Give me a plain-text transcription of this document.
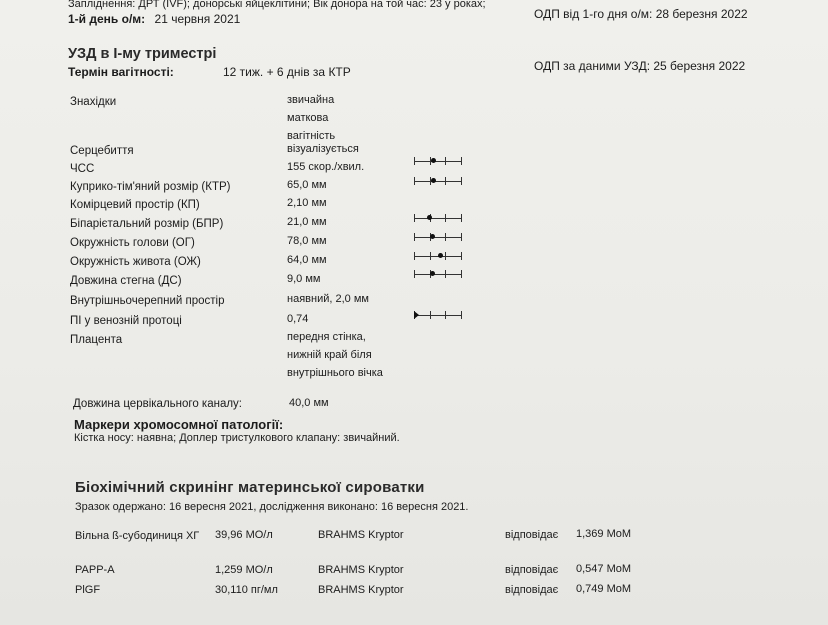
Запліднення: ДРТ (IVF); донорські яйцеклітини; Вік донора на той час: 23 у роках;
1-й день о/м: 21 червня 2021	ОДП від 1-го дня о/м: 28 березня 2022
УЗД в І-му триместрі
Термін вагітності:	12 тиж. + 6 днів за КТР	ОДП за даними УЗД: 25 березня 2022
Знахідки	звичайна маткова вагітність
Серцебиття	візуалізується
ЧСС	155 скор./хвил.
Куприко-тім'яний розмір (КТР)	65,0 мм
Комірцевий простір (КП)	2,10 мм
Біпарієтальний розмір (БПР)	21,0 мм
Окружність голови (ОГ)	78,0 мм
Окружність живота (ОЖ)	64,0 мм
Довжина стегна (ДС)	9,0 мм
Внутрішньочерепний простір	наявний, 2,0 мм
ПІ у венозній протоці	0,74
Плацента	передня стінка, нижній край біля внутрішнього вічка
Довжина цервікального каналу:	40,0 мм
Маркери хромосомної патології:
Кістка носу: наявна; Доплер тристулкового клапану: звичайний.
Біохімічний скринінг материнської сироватки
Зразок одержано: 16 вересня 2021, дослідження виконано: 16 вересня 2021.
Вільна ß-субодиниця ХГ	39,96 МО/л	BRAHMS Kryptor	відповідає 1,369 MoM
PAPP-A	1,259 МО/л	BRAHMS Kryptor	відповідає 0,547 MoM
PlGF	30,110 пг/мл	BRAHMS Kryptor	відповідає 0,749 MoM
